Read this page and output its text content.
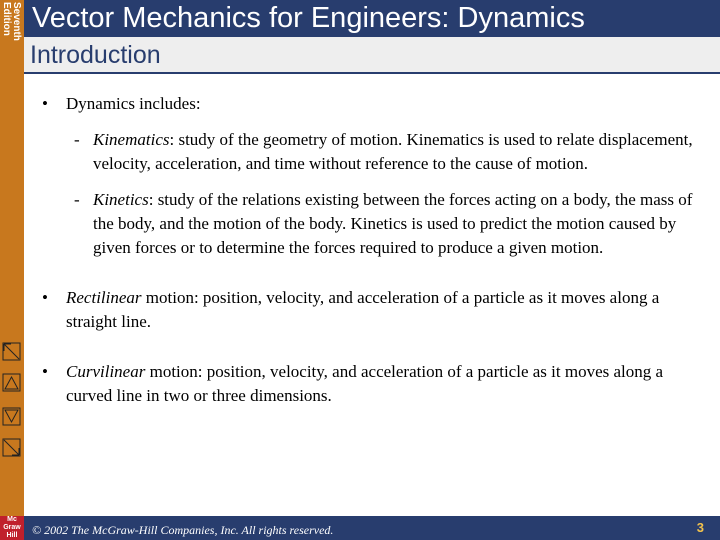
Seventh
Edition Vector Mechanics for Engineers: Dynamics
Introduction
• Dynamics includes:
- Kinematics: study of the geometry of motion. Kinematics is used to relate displacement, velocity, acceleration, and time without reference to the cause of motion.
- Kinetics: study of the relations existing between the forces acting on a body, the mass of the body, and the motion of the body. Kinetics is used to predict the motion caused by given forces or to determine the forces required to produce a given motion.
• Rectilinear motion: position, velocity, and acceleration of a particle as it moves along a straight line.
• Curvilinear motion: position, velocity, and acceleration of a particle as it moves along a curved line in two or three dimensions.
Mc
Graw
Hill	© 2002 The McGraw-Hill Companies, Inc. All rights reserved.	3
